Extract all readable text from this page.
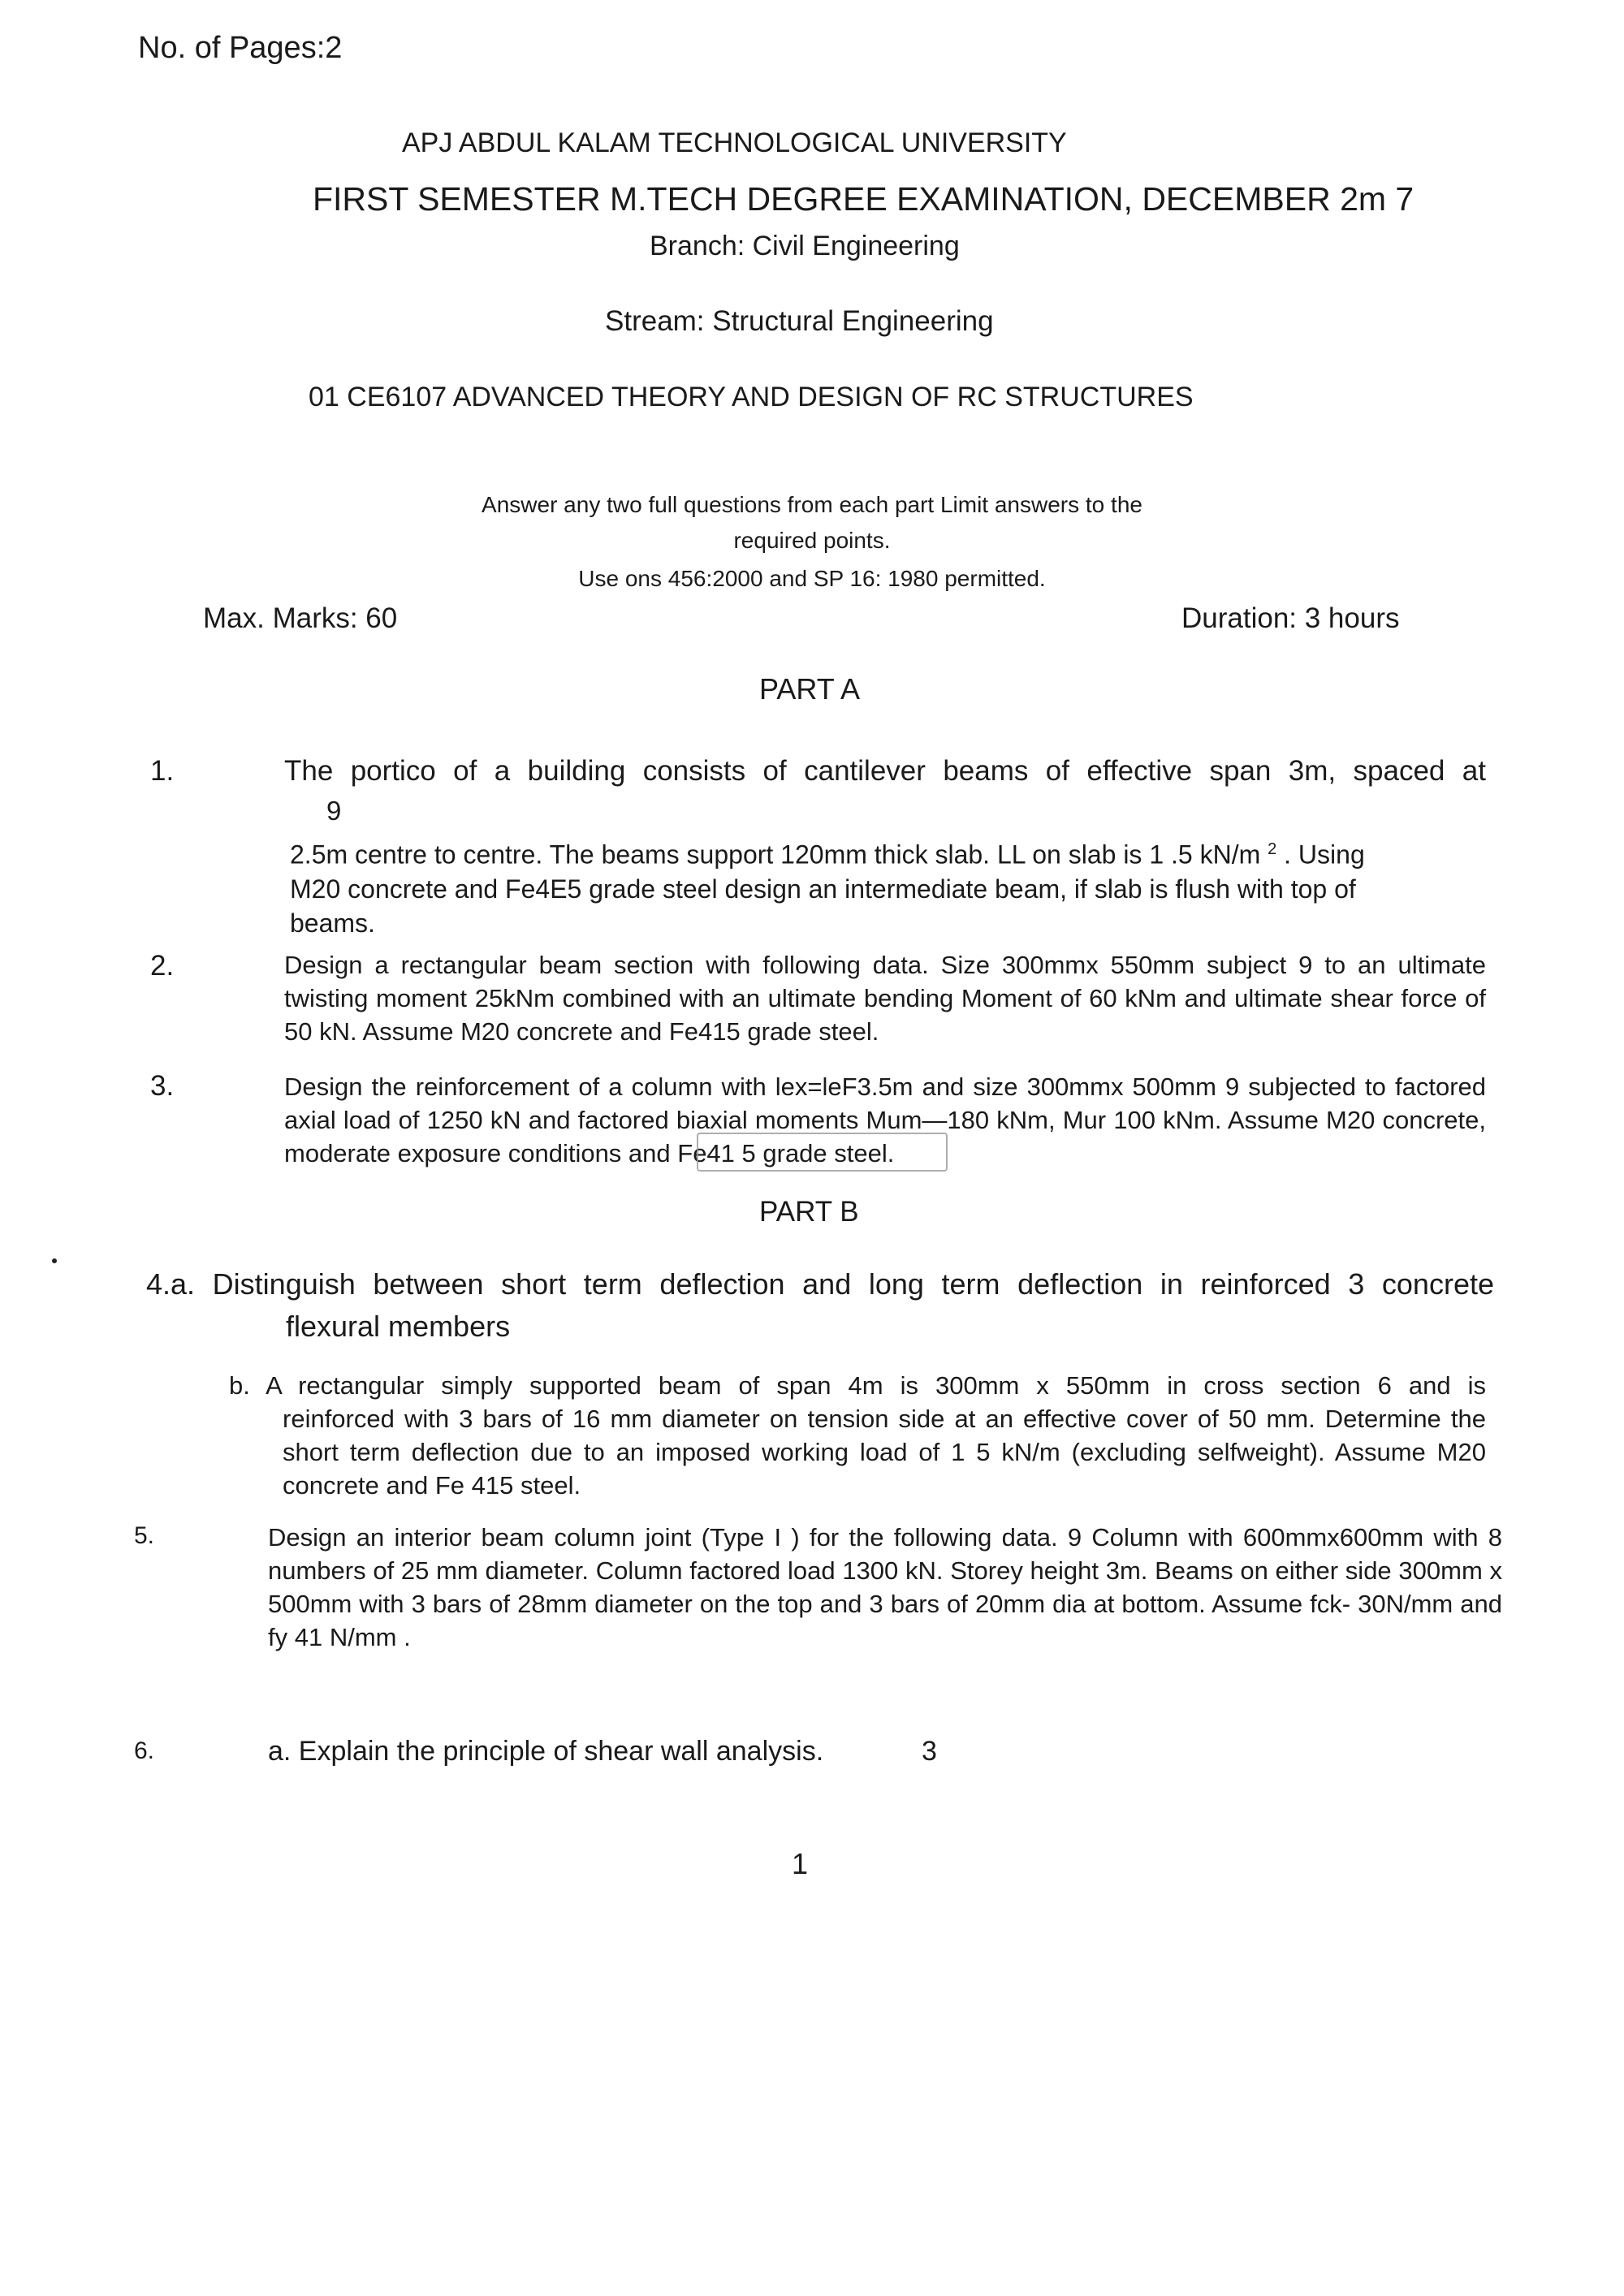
No. of Pages:2
APJ ABDUL KALAM TECHNOLOGICAL UNIVERSITY
FIRST SEMESTER M.TECH DEGREE EXAMINATION, DECEMBER 2m 7
Branch: Civil Engineering
Stream: Structural Engineering
01 CE6107 ADVANCED THEORY AND DESIGN OF RC STRUCTURES
Answer any two full questions from each part Limit answers to the required points.
Use ons 456:2000 and SP 16: 1980 permitted.
Max. Marks: 60	Duration: 3 hours
PART A
1.	The portico of a building consists of cantilever beams of effective span 3m, spaced at
9
2.5m centre to centre. The beams support 120mm thick slab. LL on slab is 1 .5 kN/m $^2$ . Using M20 concrete and Fe4E5 grade steel design an intermediate beam, if slab is flush with top of beams.
2.	Design a rectangular beam section with following data. Size 300mmx 550mm subject 9 to an ultimate twisting moment 25kNm combined with an ultimate bending Moment of 60 kNm and ultimate shear force of 50 kN. Assume M20 concrete and Fe415 grade steel.
3.	Design the reinforcement of a column with lex=leF3.5m and size 300mmx 500mm 9 subjected to factored axial load of 1250 kN and factored biaxial moments Mum—180 kNm, Mur 100 kNm. Assume M20 concrete, moderate exposure conditions and Fe41 5 grade steel.
PART B
4.a. Distinguish between short term deflection and long term deflection in reinforced 3 concrete
flexural members
b. A rectangular simply supported beam of span 4m is 300mm x 550mm in cross section 6 and is
reinforced with 3 bars of 16 mm diameter on tension side at an effective cover of 50 mm. Determine the short term deflection due to an imposed working load of 1 5 kN/m (excluding selfweight). Assume M20 concrete and Fe 415 steel.
5.	Design an interior beam column joint (Type I ) for the following data. 9 Column with 600mmx600mm with 8 numbers of 25 mm diameter. Column factored load 1300 kN. Storey height 3m. Beams on either side 300mm x 500mm with 3 bars of 28mm diameter on the top and 3 bars of 20mm dia at bottom. Assume fck- 30N/mm and fy 41 N/mm .
6.	a. Explain the principle of shear wall analysis.	3
1
